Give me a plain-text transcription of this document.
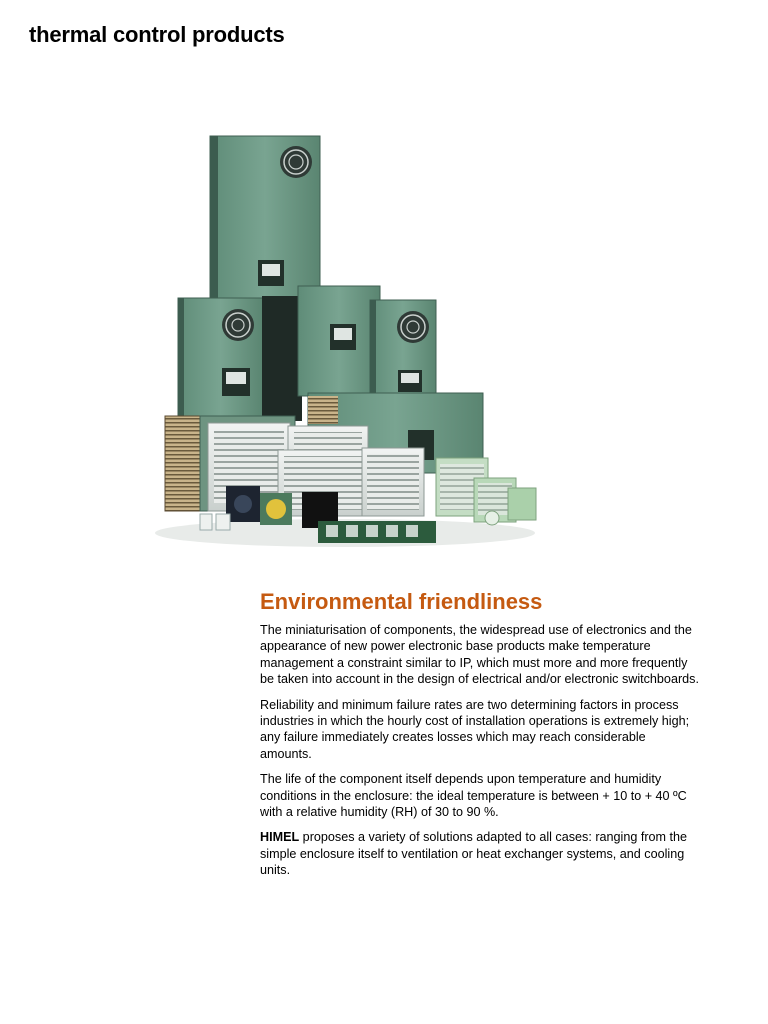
thermal control products
Environmental friendliness

The miniaturisation of components, the widespread use of electronics and the appearance of new power electronic base products make temperature management a constraint similar to IP, which must more and more frequently be taken into account in the design of electrical and/or electronic switchboards.

Reliability and minimum failure rates are two determining factors in process industries in which the hourly cost of installation operations is extremely high; any failure immediately creates losses which may reach considerable amounts.

The life of the component itself depends upon temperature and humidity conditions in the enclosure: the ideal temperature is between + 10 to + 40 ºC with a relative humidity (RH) of 30 to 90 %.

HIMEL proposes a variety of solutions adapted to all cases: ranging from the simple enclosure itself to ventilation or heat exchanger systems, and cooling units.
